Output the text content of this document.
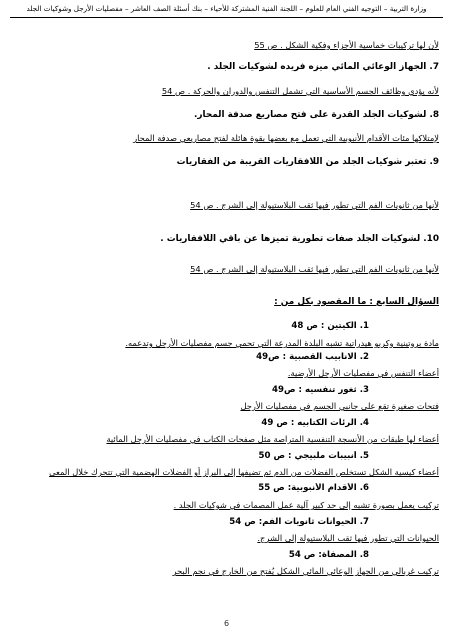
وزارة التربية – التوجيه الفني العام للعلوم – اللجنة الفنية المشتركة للأحياء – بنك أسئلة الصف العاشر – مفصليات الأرجل وشوكيات الجلد
لأن لها تركيبات خماسية الأجزاء وفكية الشكل . ص 55
7. الجهاز الوعائي المائي ميزه فريده لشوكيات الجلد .
لأنه يؤدي وظائف الجسم الأساسية التي تشمل التنفس والدوران والحركة . ص 54
8. لشوكيات الجلد القدرة على فتح مصاريع صدفة المحار.
لإمتلاكها مئات الأقدام الأنبوبية التي تعمل مع بعضها بقوة هائلة لفتح مصاريعي صدفة المحار
9. تعتبر شوكيات الجلد من اللافقاريات القريبة من الفقاريات
لأنها من ثانويات الفم التي تطور فيها ثقب البلاستيولة إلى الشرج . ص 54
10. لشوكيات الجلد صفات تطورية تميزها عن باقي اللافقاريات .
لأنها من ثانويات الفم التي تطور فيها ثقب البلاستيولة إلى الشرج . ص 54
السؤال السابع : ما المقصود بكل من :
1. الكيتين : ص 48
مادة بروتينية وكربو هيدراتية تشبه البلدة المدرعة التي تحمي جسم مفصليات الأرجل وتدعمه.
2. الانابيب القصبية : ص49
أعضاء التنفس في مفصليات الأرجل الأرضية.
3. ثغور تنفسيه : ص49
فتحات صغيرة تقع على جانبي الجسم في مفصليات الأرجل
4. الرئات الكتابيه : ص 49
أعضاء لها طبقات من الأنسجة التنفسية المتراصة مثل صفحات الكتاب في مفصليات الأرجل المائية
5. أنبيبات ملبيجي : ص 50
أعضاء كيسية الشكل تستخلص الفضلات من الدم ثم تضيفها إلى البراز أو الفضلات الهضمية التي تتحرك خلال المعى
6. الأقدام الأنبوبية: ص 55
تركيب يعمل بصورة تشبه إلى حد كبير آلية عمل المصمات في شوكيات الجلد .
7. الحيوانات ثانويات الفم: ص 54
الحيوانات التي تطور فيها ثقب البلاستيولة إلى الشرج.
8. المصفاة: ص 54
تركيب غربالي من الجهاز الوعائي المائي الشكل يُفتح من الخارج في نجم البحر
6
